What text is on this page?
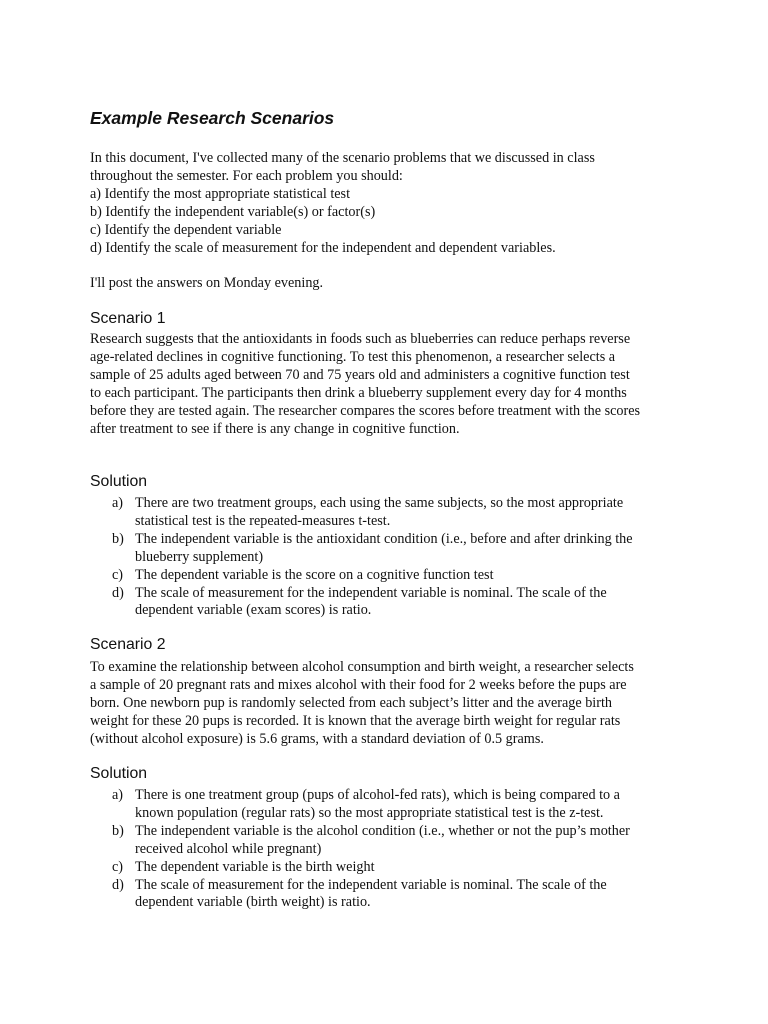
Example Research Scenarios
In this document, I've collected many of the scenario problems that we discussed in class
throughout the semester. For each problem you should:
a) Identify the most appropriate statistical test
b) Identify the independent variable(s) or factor(s)
c) Identify the dependent variable
d) Identify the scale of measurement for the independent and dependent variables.
I'll post the answers on Monday evening.
Scenario 1
Research suggests that the antioxidants in foods such as blueberries can reduce perhaps reverse
age-related declines in cognitive functioning. To test this phenomenon, a researcher selects a
sample of 25 adults aged between 70 and 75 years old and administers a cognitive function test
to each participant. The participants then drink a blueberry supplement every day for 4 months
before they are tested again. The researcher compares the scores before treatment with the scores
after treatment to see if there is any change in cognitive function.
Solution
a) There are two treatment groups, each using the same subjects, so the most appropriate
statistical test is the repeated-measures t-test.
b) The independent variable is the antioxidant condition (i.e., before and after drinking the
blueberry supplement)
c) The dependent variable is the score on a cognitive function test
d) The scale of measurement for the independent variable is nominal. The scale of the
dependent variable (exam scores) is ratio.
Scenario 2
To examine the relationship between alcohol consumption and birth weight, a researcher selects
a sample of 20 pregnant rats and mixes alcohol with their food for 2 weeks before the pups are
born. One newborn pup is randomly selected from each subject’s litter and the average birth
weight for these 20 pups is recorded. It is known that the average birth weight for regular rats
(without alcohol exposure) is 5.6 grams, with a standard deviation of 0.5 grams.
Solution
a) There is one treatment group (pups of alcohol-fed rats), which is being compared to a
known population (regular rats) so the most appropriate statistical test is the z-test.
b) The independent variable is the alcohol condition (i.e., whether or not the pup’s mother
received alcohol while pregnant)
c) The dependent variable is the birth weight
d) The scale of measurement for the independent variable is nominal. The scale of the
dependent variable (birth weight) is ratio.
